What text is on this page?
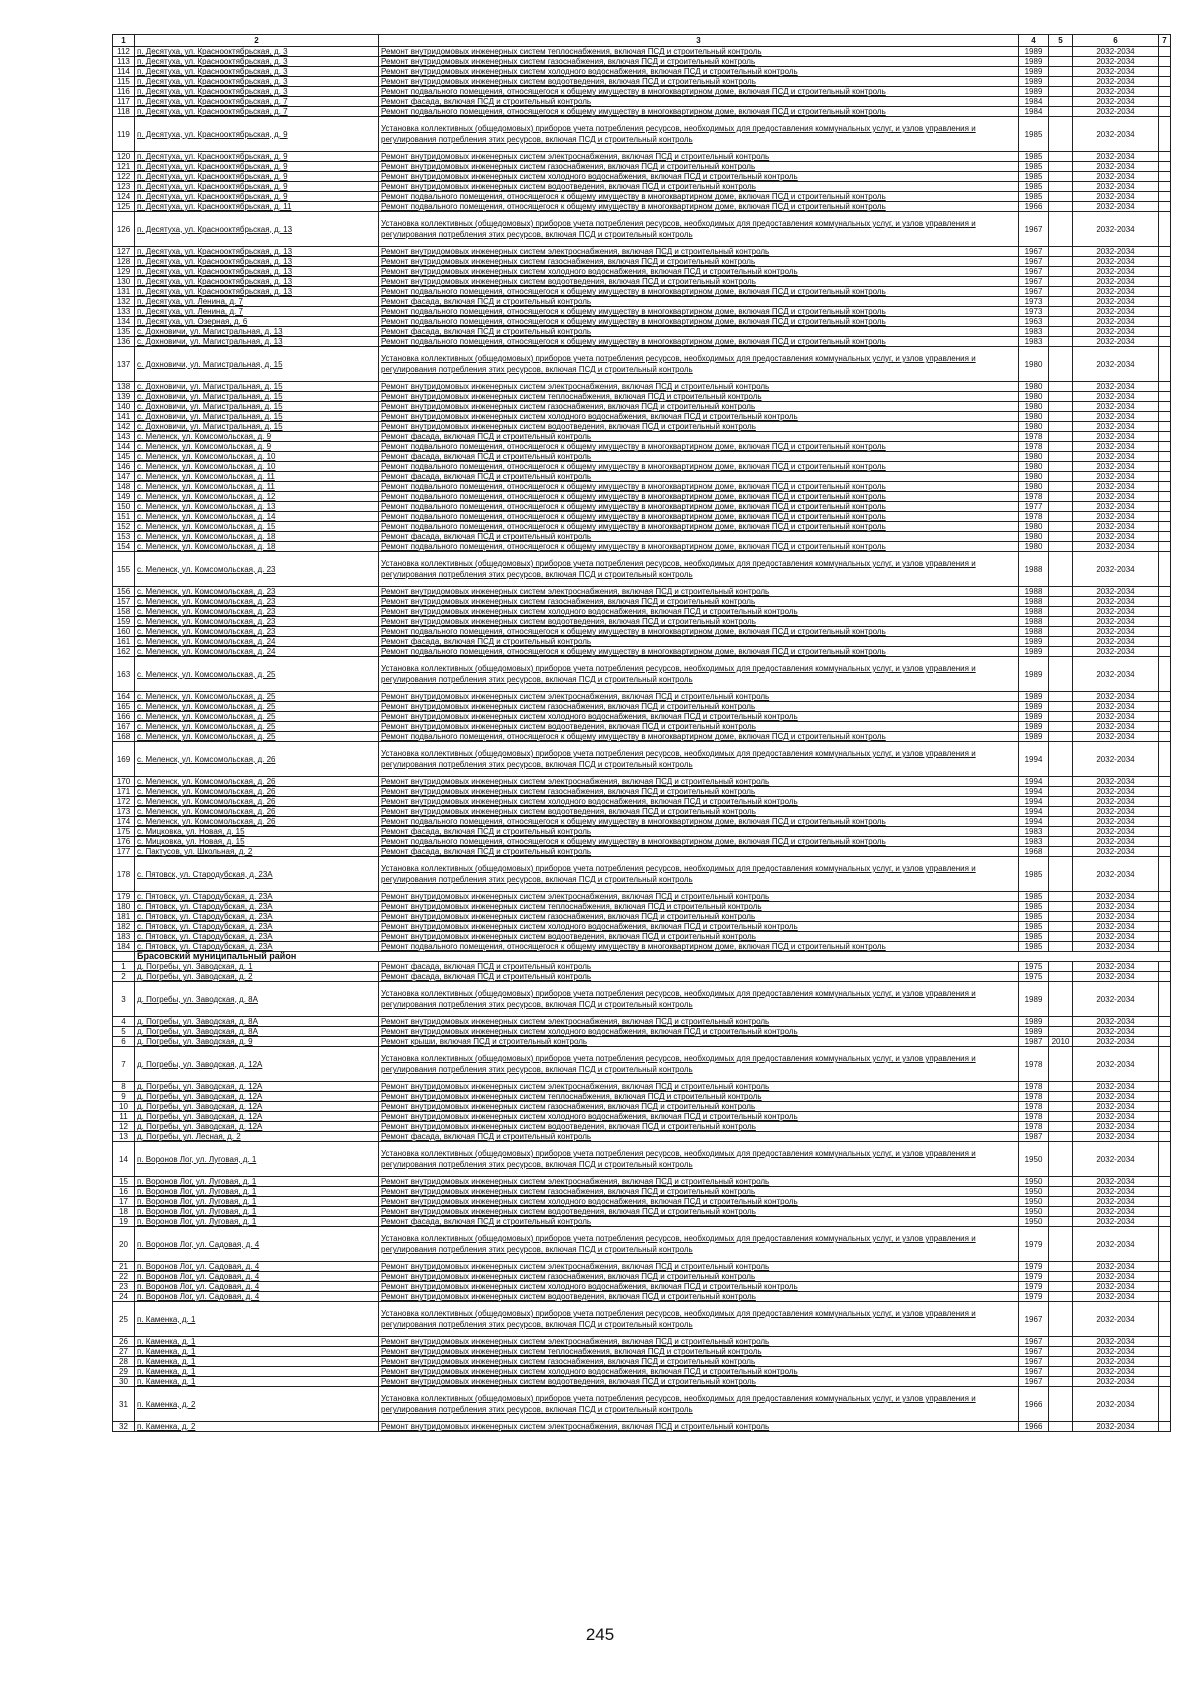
1	2	3	4	5	6	7
112	п. Десятуха, ул. Краснооктябрьская, д. 3	Ремонт внутридомовых инженерных систем теплоснабжения, включая ПСД и строительный контроль	1989		2032-2034	
113	п. Десятуха, ул. Краснооктябрьская, д. 3	Ремонт внутридомовых инженерных систем газоснабжения, включая ПСД и строительный контроль	1989		2032-2034	
114	п. Десятуха, ул. Краснооктябрьская, д. 3	Ремонт внутридомовых инженерных систем холодного водоснабжения, включая ПСД и строительный контроль	1989		2032-2034	
115	п. Десятуха, ул. Краснооктябрьская, д. 3	Ремонт внутридомовых инженерных систем водоотведения, включая ПСД и строительный контроль	1989		2032-2034	
116	п. Десятуха, ул. Краснооктябрьская, д. 3	Ремонт подвального помещения, относящегося к общему имуществу в многоквартирном доме, включая ПСД и строительный контроль	1989		2032-2034	
117	п. Десятуха, ул. Краснооктябрьская, д. 7	Ремонт фасада, включая ПСД и строительный контроль	1984		2032-2034	
118	п. Десятуха, ул. Краснооктябрьская, д. 7	Ремонт подвального помещения, относящегося к общему имуществу в многоквартирном доме, включая ПСД и строительный контроль	1984		2032-2034	
119	п. Десятуха, ул. Краснооктябрьская, д. 9	Установка коллективных (общедомовых) приборов учета потребления ресурсов, необходимых для предоставления коммунальных услуг, и узлов управления и регулирования потребления этих ресурсов, включая ПСД и строительный контроль	1985		2032-2034	
120	п. Десятуха, ул. Краснооктябрьская, д. 9	Ремонт внутридомовых инженерных систем электроснабжения, включая ПСД и строительный контроль	1985		2032-2034	
121	п. Десятуха, ул. Краснооктябрьская, д. 9	Ремонт внутридомовых инженерных систем газоснабжения, включая ПСД и строительный контроль	1985		2032-2034	
122	п. Десятуха, ул. Краснооктябрьская, д. 9	Ремонт внутридомовых инженерных систем холодного водоснабжения, включая ПСД и строительный контроль	1985		2032-2034	
123	п. Десятуха, ул. Краснооктябрьская, д. 9	Ремонт внутридомовых инженерных систем водоотведения, включая ПСД и строительный контроль	1985		2032-2034	
124	п. Десятуха, ул. Краснооктябрьская, д. 9	Ремонт подвального помещения, относящегося к общему имуществу в многоквартирном доме, включая ПСД и строительный контроль	1985		2032-2034	
125	п. Десятуха, ул. Краснооктябрьская, д. 11	Ремонт подвального помещения, относящегося к общему имуществу в многоквартирном доме, включая ПСД и строительный контроль	1966		2032-2034	
126	п. Десятуха, ул. Краснооктябрьская, д. 13	Установка коллективных (общедомовых) приборов учета потребления ресурсов, необходимых для предоставления коммунальных услуг, и узлов управления и регулирования потребления этих ресурсов, включая ПСД и строительный контроль	1967		2032-2034	
127	п. Десятуха, ул. Краснооктябрьская, д. 13	Ремонт внутридомовых инженерных систем электроснабжения, включая ПСД и строительный контроль	1967		2032-2034	
128	п. Десятуха, ул. Краснооктябрьская, д. 13	Ремонт внутридомовых инженерных систем газоснабжения, включая ПСД и строительный контроль	1967		2032-2034	
129	п. Десятуха, ул. Краснооктябрьская, д. 13	Ремонт внутридомовых инженерных систем холодного водоснабжения, включая ПСД и строительный контроль	1967		2032-2034	
130	п. Десятуха, ул. Краснооктябрьская, д. 13	Ремонт внутридомовых инженерных систем водоотведения, включая ПСД и строительный контроль	1967		2032-2034	
131	п. Десятуха, ул. Краснооктябрьская, д. 13	Ремонт подвального помещения, относящегося к общему имуществу в многоквартирном доме, включая ПСД и строительный контроль	1967		2032-2034	
132	п. Десятуха, ул. Ленина, д. 7	Ремонт фасада, включая ПСД и строительный контроль	1973		2032-2034	
133	п. Десятуха, ул. Ленина, д. 7	Ремонт подвального помещения, относящегося к общему имуществу в многоквартирном доме, включая ПСД и строительный контроль	1973		2032-2034	
134	п. Десятуха, ул. Озерная, д. 6	Ремонт подвального помещения, относящегося к общему имуществу в многоквартирном доме, включая ПСД и строительный контроль	1963		2032-2034	
135	с. Дохновичи, ул. Магистральная, д. 13	Ремонт фасада, включая ПСД и строительный контроль	1983		2032-2034	
136	с. Дохновичи, ул. Магистральная, д. 13	Ремонт подвального помещения, относящегося к общему имуществу в многоквартирном доме, включая ПСД и строительный контроль	1983		2032-2034	
137	с. Дохновичи, ул. Магистральная, д. 15	Установка коллективных (общедомовых) приборов учета потребления ресурсов, необходимых для предоставления коммунальных услуг, и узлов управления и регулирования потребления этих ресурсов, включая ПСД и строительный контроль	1980		2032-2034	
138	с. Дохновичи, ул. Магистральная, д. 15	Ремонт внутридомовых инженерных систем электроснабжения, включая ПСД и строительный контроль	1980		2032-2034	
139	с. Дохновичи, ул. Магистральная, д. 15	Ремонт внутридомовых инженерных систем теплоснабжения, включая ПСД и строительный контроль	1980		2032-2034	
140	с. Дохновичи, ул. Магистральная, д. 15	Ремонт внутридомовых инженерных систем газоснабжения, включая ПСД и строительный контроль	1980		2032-2034	
141	с. Дохновичи, ул. Магистральная, д. 15	Ремонт внутридомовых инженерных систем холодного водоснабжения, включая ПСД и строительный контроль	1980		2032-2034	
142	с. Дохновичи, ул. Магистральная, д. 15	Ремонт внутридомовых инженерных систем водоотведения, включая ПСД и строительный контроль	1980		2032-2034	
143	с. Меленск, ул. Комсомольская, д. 9	Ремонт фасада, включая ПСД и строительный контроль	1978		2032-2034	
144	с. Меленск, ул. Комсомольская, д. 9	Ремонт подвального помещения, относящегося к общему имуществу в многоквартирном доме, включая ПСД и строительный контроль	1978		2032-2034	
145	с. Меленск, ул. Комсомольская, д. 10	Ремонт фасада, включая ПСД и строительный контроль	1980		2032-2034	
146	с. Меленск, ул. Комсомольская, д. 10	Ремонт подвального помещения, относящегося к общему имуществу в многоквартирном доме, включая ПСД и строительный контроль	1980		2032-2034	
147	с. Меленск, ул. Комсомольская, д. 11	Ремонт фасада, включая ПСД и строительный контроль	1980		2032-2034	
148	с. Меленск, ул. Комсомольская, д. 11	Ремонт подвального помещения, относящегося к общему имуществу в многоквартирном доме, включая ПСД и строительный контроль	1980		2032-2034	
149	с. Меленск, ул. Комсомольская, д. 12	Ремонт подвального помещения, относящегося к общему имуществу в многоквартирном доме, включая ПСД и строительный контроль	1978		2032-2034	
150	с. Меленск, ул. Комсомольская, д. 13	Ремонт подвального помещения, относящегося к общему имуществу в многоквартирном доме, включая ПСД и строительный контроль	1977		2032-2034	
151	с. Меленск, ул. Комсомольская, д. 14	Ремонт подвального помещения, относящегося к общему имуществу в многоквартирном доме, включая ПСД и строительный контроль	1978		2032-2034	
152	с. Меленск, ул. Комсомольская, д. 15	Ремонт подвального помещения, относящегося к общему имуществу в многоквартирном доме, включая ПСД и строительный контроль	1980		2032-2034	
153	с. Меленск, ул. Комсомольская, д. 18	Ремонт фасада, включая ПСД и строительный контроль	1980		2032-2034	
154	с. Меленск, ул. Комсомольская, д. 18	Ремонт подвального помещения, относящегося к общему имуществу в многоквартирном доме, включая ПСД и строительный контроль	1980		2032-2034	
155	с. Меленск, ул. Комсомольская, д. 23	Установка коллективных (общедомовых) приборов учета потребления ресурсов, необходимых для предоставления коммунальных услуг, и узлов управления и регулирования потребления этих ресурсов, включая ПСД и строительный контроль	1988		2032-2034	
156	с. Меленск, ул. Комсомольская, д. 23	Ремонт внутридомовых инженерных систем электроснабжения, включая ПСД и строительный контроль	1988		2032-2034	
157	с. Меленск, ул. Комсомольская, д. 23	Ремонт внутридомовых инженерных систем газоснабжения, включая ПСД и строительный контроль	1988		2032-2034	
158	с. Меленск, ул. Комсомольская, д. 23	Ремонт внутридомовых инженерных систем холодного водоснабжения, включая ПСД и строительный контроль	1988		2032-2034	
159	с. Меленск, ул. Комсомольская, д. 23	Ремонт внутридомовых инженерных систем водоотведения, включая ПСД и строительный контроль	1988		2032-2034	
160	с. Меленск, ул. Комсомольская, д. 23	Ремонт подвального помещения, относящегося к общему имуществу в многоквартирном доме, включая ПСД и строительный контроль	1988		2032-2034	
161	с. Меленск, ул. Комсомольская, д. 24	Ремонт фасада, включая ПСД и строительный контроль	1989		2032-2034	
162	с. Меленск, ул. Комсомольская, д. 24	Ремонт подвального помещения, относящегося к общему имуществу в многоквартирном доме, включая ПСД и строительный контроль	1989		2032-2034	
163	с. Меленск, ул. Комсомольская, д. 25	Установка коллективных (общедомовых) приборов учета потребления ресурсов, необходимых для предоставления коммунальных услуг, и узлов управления и регулирования потребления этих ресурсов, включая ПСД и строительный контроль	1989		2032-2034	
164	с. Меленск, ул. Комсомольская, д. 25	Ремонт внутридомовых инженерных систем электроснабжения, включая ПСД и строительный контроль	1989		2032-2034	
165	с. Меленск, ул. Комсомольская, д. 25	Ремонт внутридомовых инженерных систем газоснабжения, включая ПСД и строительный контроль	1989		2032-2034	
166	с. Меленск, ул. Комсомольская, д. 25	Ремонт внутридомовых инженерных систем холодного водоснабжения, включая ПСД и строительный контроль	1989		2032-2034	
167	с. Меленск, ул. Комсомольская, д. 25	Ремонт внутридомовых инженерных систем водоотведения, включая ПСД и строительный контроль	1989		2032-2034	
168	с. Меленск, ул. Комсомольская, д. 25	Ремонт подвального помещения, относящегося к общему имуществу в многоквартирном доме, включая ПСД и строительный контроль	1989		2032-2034	
169	с. Меленск, ул. Комсомольская, д. 26	Установка коллективных (общедомовых) приборов учета потребления ресурсов, необходимых для предоставления коммунальных услуг, и узлов управления и регулирования потребления этих ресурсов, включая ПСД и строительный контроль	1994		2032-2034	
170	с. Меленск, ул. Комсомольская, д. 26	Ремонт внутридомовых инженерных систем электроснабжения, включая ПСД и строительный контроль	1994		2032-2034	
171	с. Меленск, ул. Комсомольская, д. 26	Ремонт внутридомовых инженерных систем газоснабжения, включая ПСД и строительный контроль	1994		2032-2034	
172	с. Меленск, ул. Комсомольская, д. 26	Ремонт внутридомовых инженерных систем холодного водоснабжения, включая ПСД и строительный контроль	1994		2032-2034	
173	с. Меленск, ул. Комсомольская, д. 26	Ремонт внутридомовых инженерных систем водоотведения, включая ПСД и строительный контроль	1994		2032-2034	
174	с. Меленск, ул. Комсомольская, д. 26	Ремонт подвального помещения, относящегося к общему имуществу в многоквартирном доме, включая ПСД и строительный контроль	1994		2032-2034	
175	с. Мицковка, ул. Новая, д. 15	Ремонт фасада, включая ПСД и строительный контроль	1983		2032-2034	
176	с. Мицковка, ул. Новая, д. 15	Ремонт подвального помещения, относящегося к общему имуществу в многоквартирном доме, включая ПСД и строительный контроль	1983		2032-2034	
177	с. Пактусов, ул. Школьная, д. 2	Ремонт фасада, включая ПСД и строительный контроль	1968		2032-2034	
178	с. Пятовск, ул. Стародубская, д. 23А	Установка коллективных (общедомовых) приборов учета потребления ресурсов, необходимых для предоставления коммунальных услуг, и узлов управления и регулирования потребления этих ресурсов, включая ПСД и строительный контроль	1985		2032-2034	
179	с. Пятовск, ул. Стародубская, д. 23А	Ремонт внутридомовых инженерных систем электроснабжения, включая ПСД и строительный контроль	1985		2032-2034	
180	с. Пятовск, ул. Стародубская, д. 23А	Ремонт внутридомовых инженерных систем теплоснабжения, включая ПСД и строительный контроль	1985		2032-2034	
181	с. Пятовск, ул. Стародубская, д. 23А	Ремонт внутридомовых инженерных систем газоснабжения, включая ПСД и строительный контроль	1985		2032-2034	
182	с. Пятовск, ул. Стародубская, д. 23А	Ремонт внутридомовых инженерных систем холодного водоснабжения, включая ПСД и строительный контроль	1985		2032-2034	
183	с. Пятовск, ул. Стародубская, д. 23А	Ремонт внутридомовых инженерных систем водоотведения, включая ПСД и строительный контроль	1985		2032-2034	
184	с. Пятовск, ул. Стародубская, д. 23А	Ремонт подвального помещения, относящегося к общему имуществу в многоквартирном доме, включая ПСД и строительный контроль	1985		2032-2034	
	Брасовский муниципальный район					
1	д. Погребы, ул. Заводская, д. 1	Ремонт фасада, включая ПСД и строительный контроль	1975		2032-2034	
2	д. Погребы, ул. Заводская, д. 2	Ремонт фасада, включая ПСД и строительный контроль	1975		2032-2034	
3	д. Погребы, ул. Заводская, д. 8А	Установка коллективных (общедомовых) приборов учета потребления ресурсов, необходимых для предоставления коммунальных услуг, и узлов управления и регулирования потребления этих ресурсов, включая ПСД и строительный контроль	1989		2032-2034	
4	д. Погребы, ул. Заводская, д. 8А	Ремонт внутридомовых инженерных систем электроснабжения, включая ПСД и строительный контроль	1989		2032-2034	
5	д. Погребы, ул. Заводская, д. 8А	Ремонт внутридомовых инженерных систем холодного водоснабжения, включая ПСД и строительный контроль	1989		2032-2034	
6	д. Погребы, ул. Заводская, д. 9	Ремонт крыши, включая ПСД и строительный контроль	1987	2010	2032-2034	
7	д. Погребы, ул. Заводская, д. 12А	Установка коллективных (общедомовых) приборов учета потребления ресурсов, необходимых для предоставления коммунальных услуг, и узлов управления и регулирования потребления этих ресурсов, включая ПСД и строительный контроль	1978		2032-2034	
8	д. Погребы, ул. Заводская, д. 12А	Ремонт внутридомовых инженерных систем электроснабжения, включая ПСД и строительный контроль	1978		2032-2034	
9	д. Погребы, ул. Заводская, д. 12А	Ремонт внутридомовых инженерных систем теплоснабжения, включая ПСД и строительный контроль	1978		2032-2034	
10	д. Погребы, ул. Заводская, д. 12А	Ремонт внутридомовых инженерных систем газоснабжения, включая ПСД и строительный контроль	1978		2032-2034	
11	д. Погребы, ул. Заводская, д. 12А	Ремонт внутридомовых инженерных систем холодного водоснабжения, включая ПСД и строительный контроль	1978		2032-2034	
12	д. Погребы, ул. Заводская, д. 12А	Ремонт внутридомовых инженерных систем водоотведения, включая ПСД и строительный контроль	1978		2032-2034	
13	д. Погребы, ул. Лесная, д. 2	Ремонт фасада, включая ПСД и строительный контроль	1987		2032-2034	
14	п. Воронов Лог, ул. Луговая, д. 1	Установка коллективных (общедомовых) приборов учета потребления ресурсов, необходимых для предоставления коммунальных услуг, и узлов управления и регулирования потребления этих ресурсов, включая ПСД и строительный контроль	1950		2032-2034	
15	п. Воронов Лог, ул. Луговая, д. 1	Ремонт внутридомовых инженерных систем электроснабжения, включая ПСД и строительный контроль	1950		2032-2034	
16	п. Воронов Лог, ул. Луговая, д. 1	Ремонт внутридомовых инженерных систем газоснабжения, включая ПСД и строительный контроль	1950		2032-2034	
17	п. Воронов Лог, ул. Луговая, д. 1	Ремонт внутридомовых инженерных систем холодного водоснабжения, включая ПСД и строительный контроль	1950		2032-2034	
18	п. Воронов Лог, ул. Луговая, д. 1	Ремонт внутридомовых инженерных систем водоотведения, включая ПСД и строительный контроль	1950		2032-2034	
19	п. Воронов Лог, ул. Луговая, д. 1	Ремонт фасада, включая ПСД и строительный контроль	1950		2032-2034	
20	п. Воронов Лог, ул. Садовая, д. 4	Установка коллективных (общедомовых) приборов учета потребления ресурсов, необходимых для предоставления коммунальных услуг, и узлов управления и регулирования потребления этих ресурсов, включая ПСД и строительный контроль	1979		2032-2034	
21	п. Воронов Лог, ул. Садовая, д. 4	Ремонт внутридомовых инженерных систем электроснабжения, включая ПСД и строительный контроль	1979		2032-2034	
22	п. Воронов Лог, ул. Садовая, д. 4	Ремонт внутридомовых инженерных систем газоснабжения, включая ПСД и строительный контроль	1979		2032-2034	
23	п. Воронов Лог, ул. Садовая, д. 4	Ремонт внутридомовых инженерных систем холодного водоснабжения, включая ПСД и строительный контроль	1979		2032-2034	
24	п. Воронов Лог, ул. Садовая, д. 4	Ремонт внутридомовых инженерных систем водоотведения, включая ПСД и строительный контроль	1979		2032-2034	
25	п. Каменка, д. 1	Установка коллективных (общедомовых) приборов учета потребления ресурсов, необходимых для предоставления коммунальных услуг, и узлов управления и регулирования потребления этих ресурсов, включая ПСД и строительный контроль	1967		2032-2034	
26	п. Каменка, д. 1	Ремонт внутридомовых инженерных систем электроснабжения, включая ПСД и строительный контроль	1967		2032-2034	
27	п. Каменка, д. 1	Ремонт внутридомовых инженерных систем теплоснабжения, включая ПСД и строительный контроль	1967		2032-2034	
28	п. Каменка, д. 1	Ремонт внутридомовых инженерных систем газоснабжения, включая ПСД и строительный контроль	1967		2032-2034	
29	п. Каменка, д. 1	Ремонт внутридомовых инженерных систем холодного водоснабжения, включая ПСД и строительный контроль	1967		2032-2034	
30	п. Каменка, д. 1	Ремонт внутридомовых инженерных систем водоотведения, включая ПСД и строительный контроль	1967		2032-2034	
31	п. Каменка, д. 2	Установка коллективных (общедомовых) приборов учета потребления ресурсов, необходимых для предоставления коммунальных услуг, и узлов управления и регулирования потребления этих ресурсов, включая ПСД и строительный контроль	1966		2032-2034	
32	п. Каменка, д. 2	Ремонт внутридомовых инженерных систем электроснабжения, включая ПСД и строительный контроль	1966		2032-2034	
245
